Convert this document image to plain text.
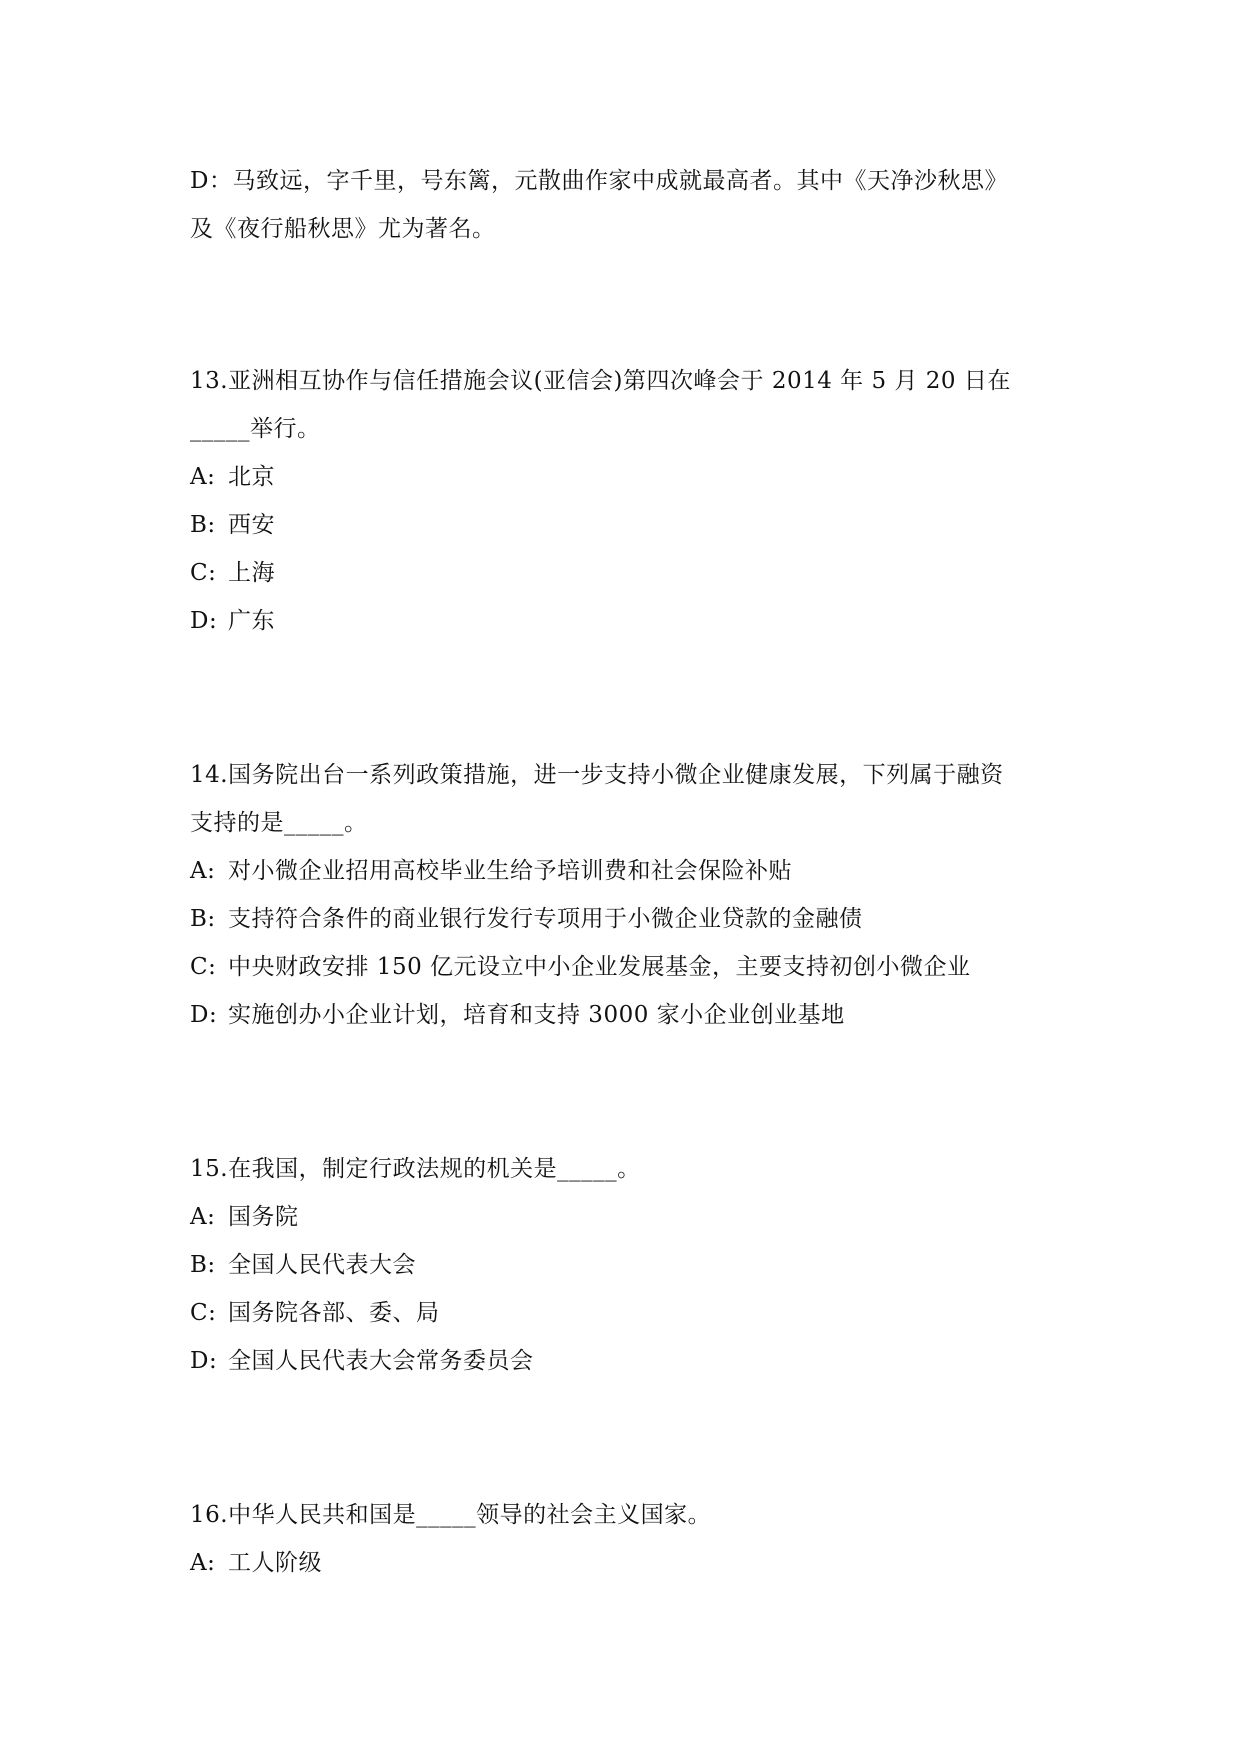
D：马致远，字千里，号东篱，元散曲作家中成就最高者。其中《天净沙秋思》
及《夜行船秋思》尤为著名。
13.亚洲相互协作与信任措施会议(亚信会)第四次峰会于 2014 年 5 月 20 日在
_____举行。
A: 北京
B: 西安
C: 上海
D: 广东
14.国务院出台一系列政策措施，进一步支持小微企业健康发展，下列属于融资
支持的是_____。
A: 对小微企业招用高校毕业生给予培训费和社会保险补贴
B: 支持符合条件的商业银行发行专项用于小微企业贷款的金融债
C: 中央财政安排 150 亿元设立中小企业发展基金，主要支持初创小微企业
D: 实施创办小企业计划，培育和支持 3000 家小企业创业基地
15.在我国，制定行政法规的机关是_____。
A: 国务院
B: 全国人民代表大会
C: 国务院各部、委、局
D: 全国人民代表大会常务委员会
16.中华人民共和国是_____领导的社会主义国家。
A: 工人阶级
